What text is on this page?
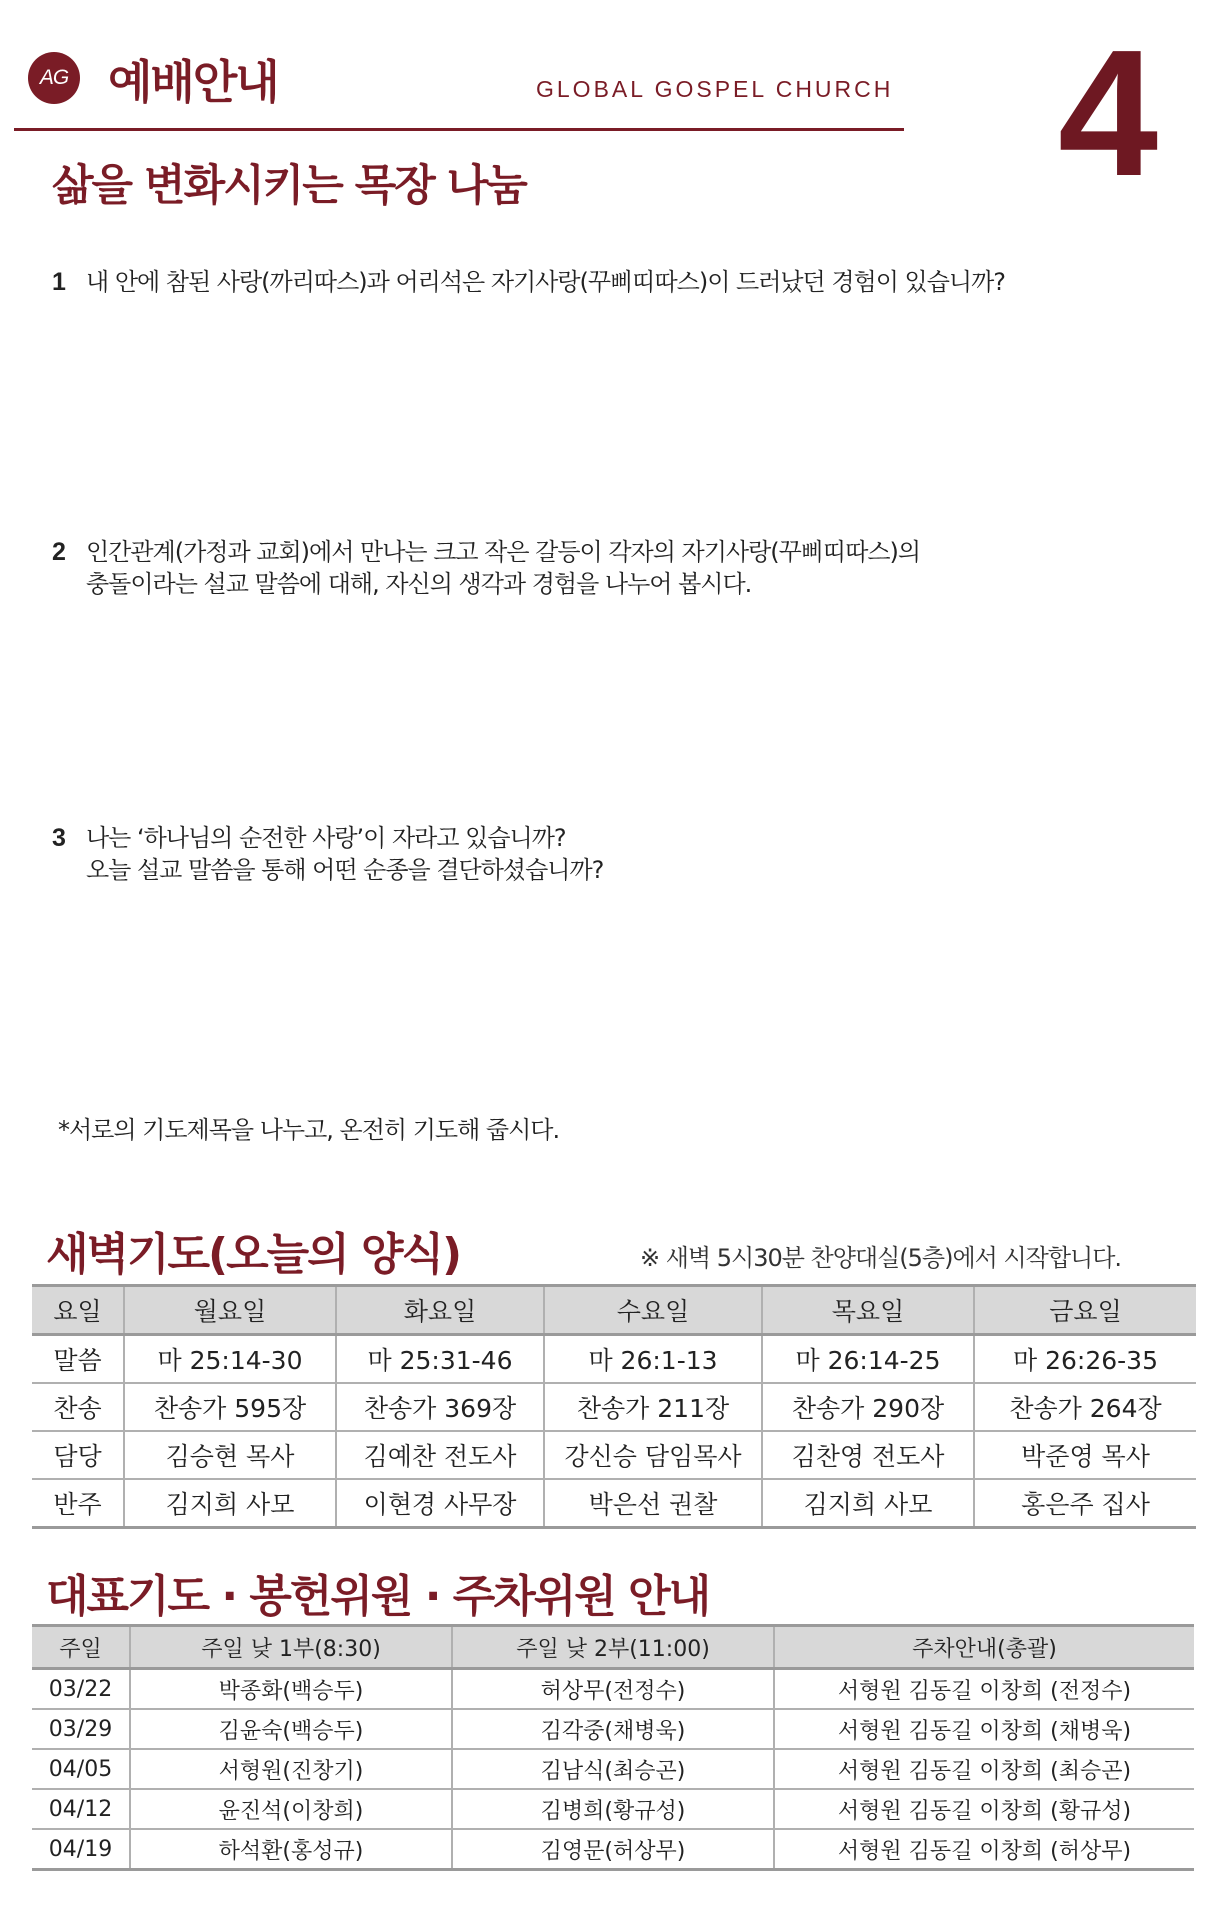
AG 예배안내	GLOBAL GOSPEL CHURCH 4
삶을 변화시키는 목장 나눔
1 내 안에 참된 사랑(까리따스)과 어리석은 자기사랑(꾸삐띠따스)이 드러났던 경험이 있습니까?
2 인간관계(가정과 교회)에서 만나는 크고 작은 갈등이 각자의 자기사랑(꾸삐띠따스)의
충돌이라는 설교 말씀에 대해, 자신의 생각과 경험을 나누어 봅시다.
3 나는 ‘하나님의 순전한 사랑’이 자라고 있습니까?
오늘 설교 말씀을 통해 어떤 순종을 결단하셨습니까?
*서로의 기도제목을 나누고, 온전히 기도해 줍시다.
새벽기도(오늘의 양식)	※ 새벽 5시30분 찬양대실(5층)에서 시작합니다.
요일	월요일	화요일	수요일	목요일	금요일
말씀	마 25:14-30	마 25:31-46	마 26:1-13	마 26:14-25	마 26:26-35
찬송	찬송가 595장	찬송가 369장	찬송가 211장	찬송가 290장	찬송가 264장
담당	김승현 목사	김예찬 전도사	강신승 담임목사	김찬영 전도사	박준영 목사
반주	김지희 사모	이현경 사무장	박은선 권찰	김지희 사모	홍은주 집사
대표기도 · 봉헌위원 · 주차위원 안내
주일	주일 낮 1부(8:30)	주일 낮 2부(11:00)	주차안내(총괄)
03/22	박종화(백승두)	허상무(전정수)	서형원 김동길 이창희 (전정수)
03/29	김윤숙(백승두)	김각중(채병욱)	서형원 김동길 이창희 (채병욱)
04/05	서형원(진창기)	김남식(최승곤)	서형원 김동길 이창희 (최승곤)
04/12	윤진석(이창희)	김병희(황규성)	서형원 김동길 이창희 (황규성)
04/19	하석환(홍성규)	김영문(허상무)	서형원 김동길 이창희 (허상무)
